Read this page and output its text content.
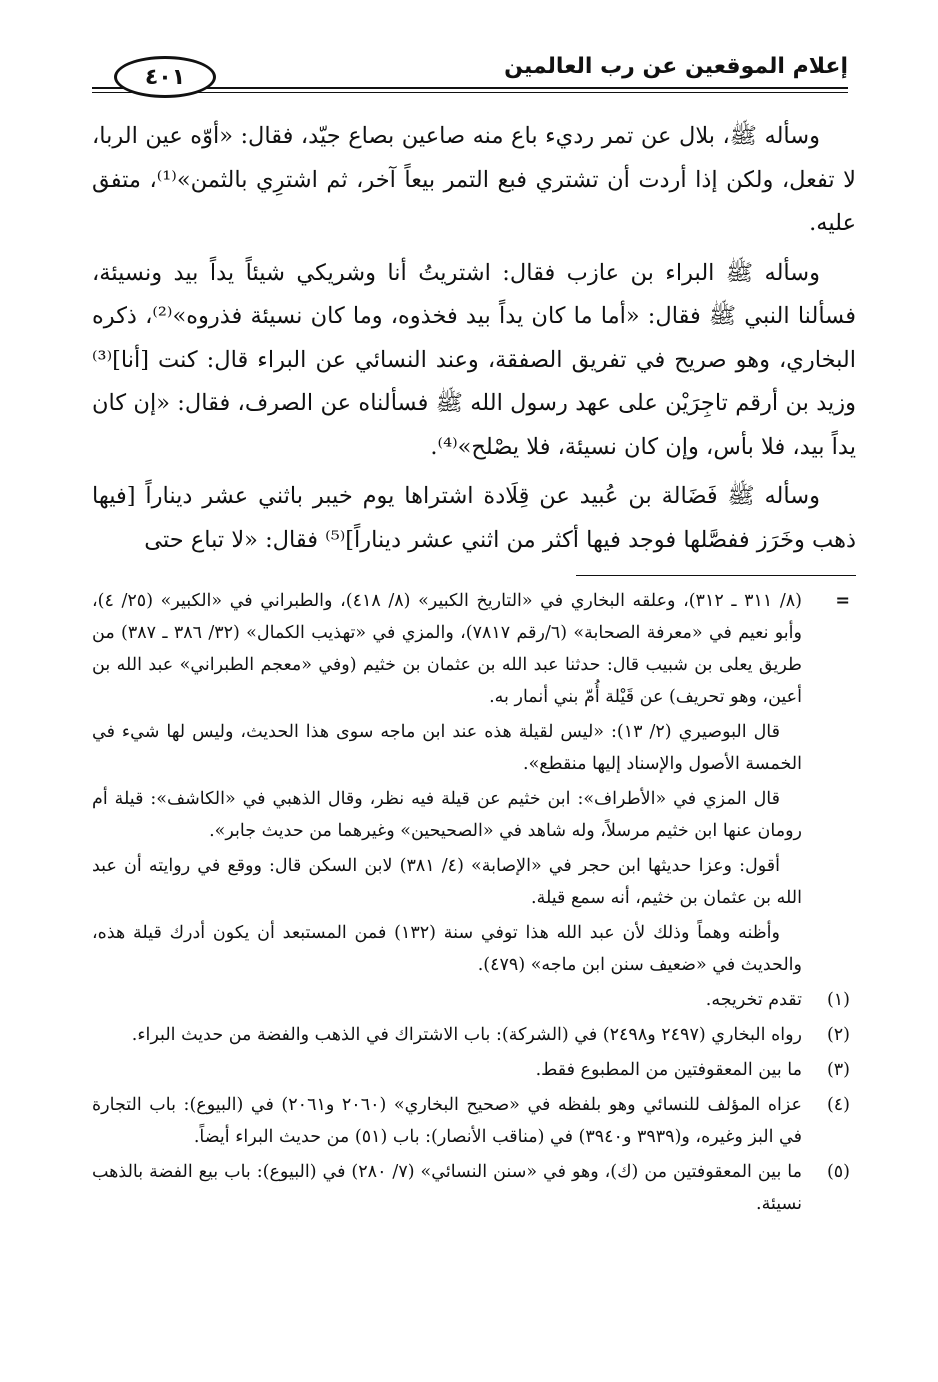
إعلام الموقعين عن رب العالمين
٤٠١

وسأله ﷺ، بلال عن تمر رديء باع منه صاعين بصاع جيّد، فقال: «أوّه عين الربا، لا تفعل، ولكن إذا أردت أن تشتري فبع التمر بيعاً آخر، ثم اشترِي بالثمن»⁽¹⁾، متفق عليه.

وسأله ﷺ البراء بن عازب فقال: اشتريتُ أنا وشريكي شيئاً يداً بيد ونسيئة، فسألنا النبي ﷺ فقال: «أما ما كان يداً بيد فخذوه، وما كان نسيئة فذروه»⁽²⁾، ذكره البخاري، وهو صريح في تفريق الصفقة، وعند النسائي عن البراء قال: كنت [أنا]⁽³⁾ وزيد بن أرقم تاجِرَيْن على عهد رسول الله ﷺ فسألناه عن الصرف، فقال: «إن كان يداً بيد، فلا بأس، وإن كان نسيئة، فلا يصْلح»⁽⁴⁾.

وسأله ﷺ فَضَالة بن عُبيد عن قِلَادة اشتراها يوم خيبر باثني عشر ديناراً [فيها ذهب وخَرَز ففصَّلها فوجد فيها أكثر من اثني عشر ديناراً]⁽⁵⁾ فقال: «لا تباع حتى

=

(٨/ ٣١١ ـ ٣١٢)، وعلقه البخاري في «التاريخ الكبير» (٨/ ٤١٨)، والطبراني في «الكبير» (٢٥/ ٤)، وأبو نعيم في «معرفة الصحابة» (٦/رقم ٧٨١٧)، والمزي في «تهذيب الكمال» (٣٢/ ٣٨٦ ـ ٣٨٧) من طريق يعلى بن شبيب قال: حدثنا عبد الله بن عثمان بن خثيم (وفي «معجم الطبراني» عبد الله بن أعين، وهو تحريف) عن قَيْلة أُمّ بني أنمار به.

قال البوصيري (٢/ ١٣): «ليس لقيلة هذه عند ابن ماجه سوى هذا الحديث، وليس لها شيء في الخمسة الأصول والإسناد إليها منقطع».

قال المزي في «الأطراف»: ابن خثيم عن قيلة فيه نظر، وقال الذهبي في «الكاشف»: قيلة أم رومان عنها ابن خثيم مرسلاً، وله شاهد في «الصحيحين» وغيرهما من حديث جابر».

أقول: وعزا حديثها ابن حجر في «الإصابة» (٤/ ٣٨١) لابن السكن قال: ووقع في روايته أن عبد الله بن عثمان بن خثيم، أنه سمع قيلة.

وأظنه وهماً وذلك لأن عبد الله هذا توفي سنة (١٣٢) فمن المستبعد أن يكون أدرك قيلة هذه، والحديث في «ضعيف سنن ابن ماجه» (٤٧٩).

(١)
تقدم تخريجه.
(٢)
رواه البخاري (٢٤٩٧ و٢٤٩٨) في (الشركة): باب الاشتراك في الذهب والفضة من حديث البراء.
(٣)
ما بين المعقوفتين من المطبوع فقط.
(٤)
عزاه المؤلف للنسائي وهو بلفظه في «صحيح البخاري» (٢٠٦٠ و٢٠٦١) في (البيوع): باب التجارة في البز وغيره، و(٣٩٣٩ و٣٩٤٠) في (مناقب الأنصار): باب (٥١) من حديث البراء أيضاً.
(٥)
ما بين المعقوفتين من (ك)، وهو في «سنن النسائي» (٧/ ٢٨٠) في (البيوع): باب بيع الفضة بالذهب نسيئة.
